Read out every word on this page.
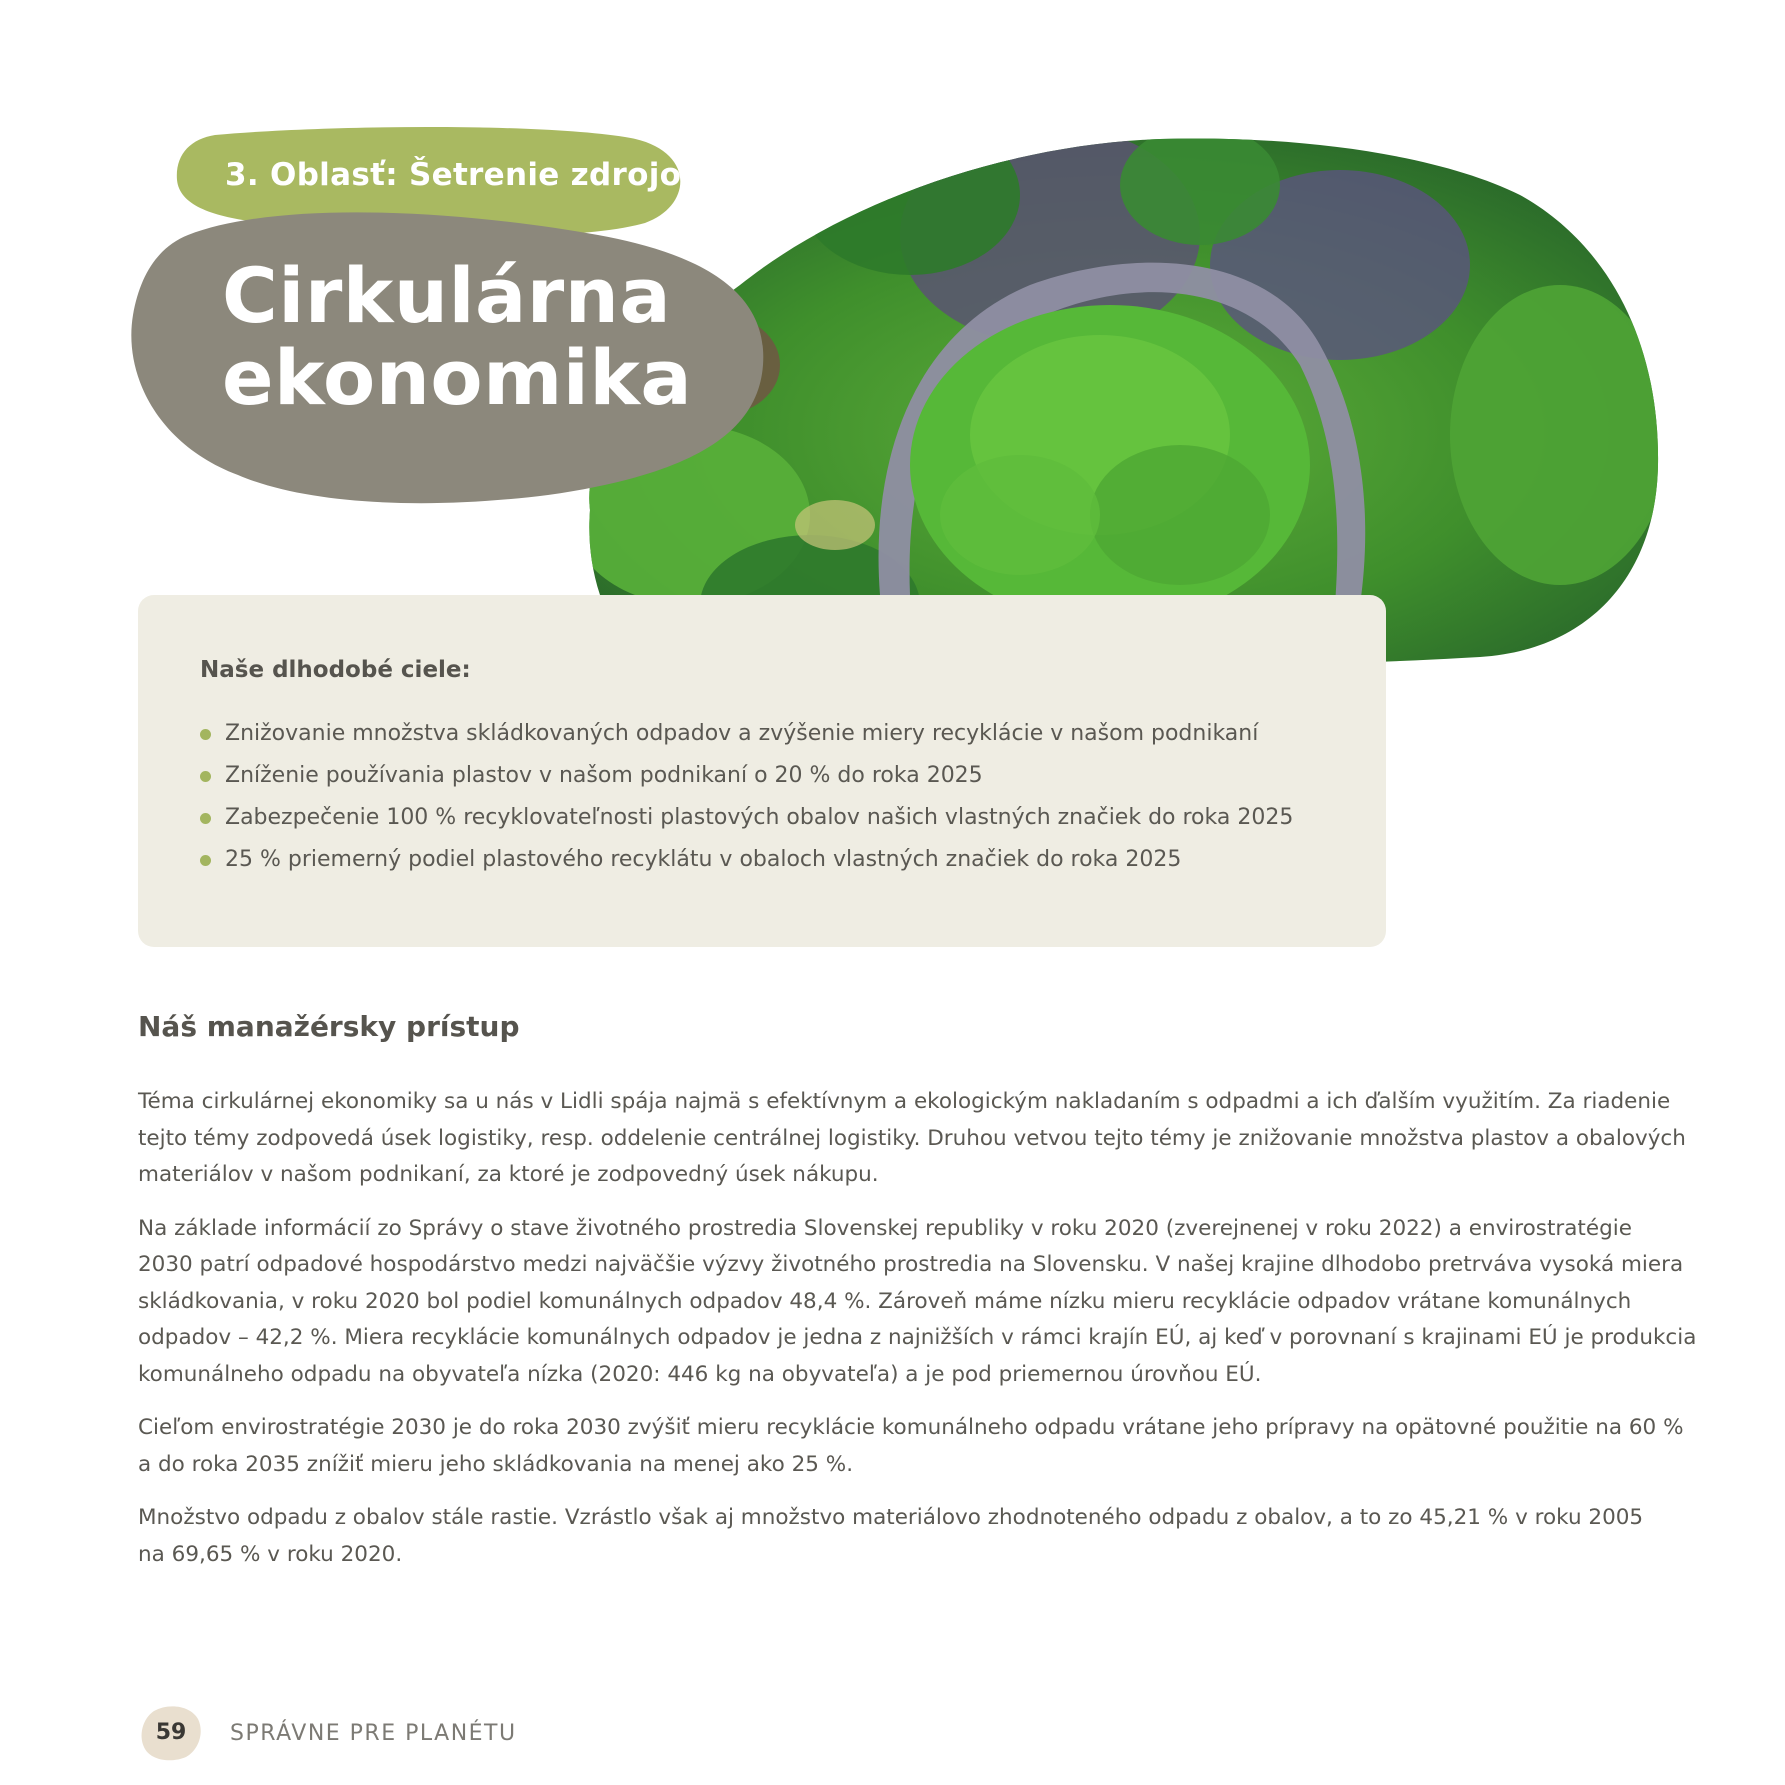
3. Oblasť: Šetrenie zdrojov
Cirkulárna
ekonomika
Naše dlhodobé ciele:
Znižovanie množstva skládkovaných odpadov a zvýšenie miery recyklácie v našom podnikaní
Zníženie používania plastov v našom podnikaní o 20 % do roka 2025
Zabezpečenie 100 % recyklovateľnosti plastových obalov našich vlastných značiek do roka 2025
25 % priemerný podiel plastového recyklátu v obaloch vlastných značiek do roka 2025
Náš manažérsky prístup

Téma cirkulárnej ekonomiky sa u nás v Lidli spája najmä s efektívnym a ekologickým nakladaním s odpadmi a ich ďalším využitím. Za riadenie
tejto témy zodpovedá úsek logistiky, resp. oddelenie centrálnej logistiky. Druhou vetvou tejto témy je znižovanie množstva plastov a obalových
materiálov v našom podnikaní, za ktoré je zodpovedný úsek nákupu.

Na základe informácií zo Správy o stave životného prostredia Slovenskej republiky v roku 2020 (zverejnenej v roku 2022) a envirostratégie
2030 patrí odpadové hospodárstvo medzi najväčšie výzvy životného prostredia na Slovensku. V našej krajine dlhodobo pretrváva vysoká miera
skládkovania, v roku 2020 bol podiel komunálnych odpadov 48,4 %. Zároveň máme nízku mieru recyklácie odpadov vrátane komunálnych
odpadov – 42,2 %. Miera recyklácie komunálnych odpadov je jedna z najnižších v rámci krajín EÚ, aj keď v porovnaní s krajinami EÚ je produkcia
komunálneho odpadu na obyvateľa nízka (2020: 446 kg na obyvateľa) a je pod priemernou úrovňou EÚ.

Cieľom envirostratégie 2030 je do roka 2030 zvýšiť mieru recyklácie komunálneho odpadu vrátane jeho prípravy na opätovné použitie na 60 %
a do roka 2035 znížiť mieru jeho skládkovania na menej ako 25 %.

Množstvo odpadu z obalov stále rastie. Vzrástlo však aj množstvo materiálovo zhodnoteného odpadu z obalov, a to zo 45,21 % v roku 2005
na 69,65 % v roku 2020.

59	SPRÁVNE PRE PLANÉTU
